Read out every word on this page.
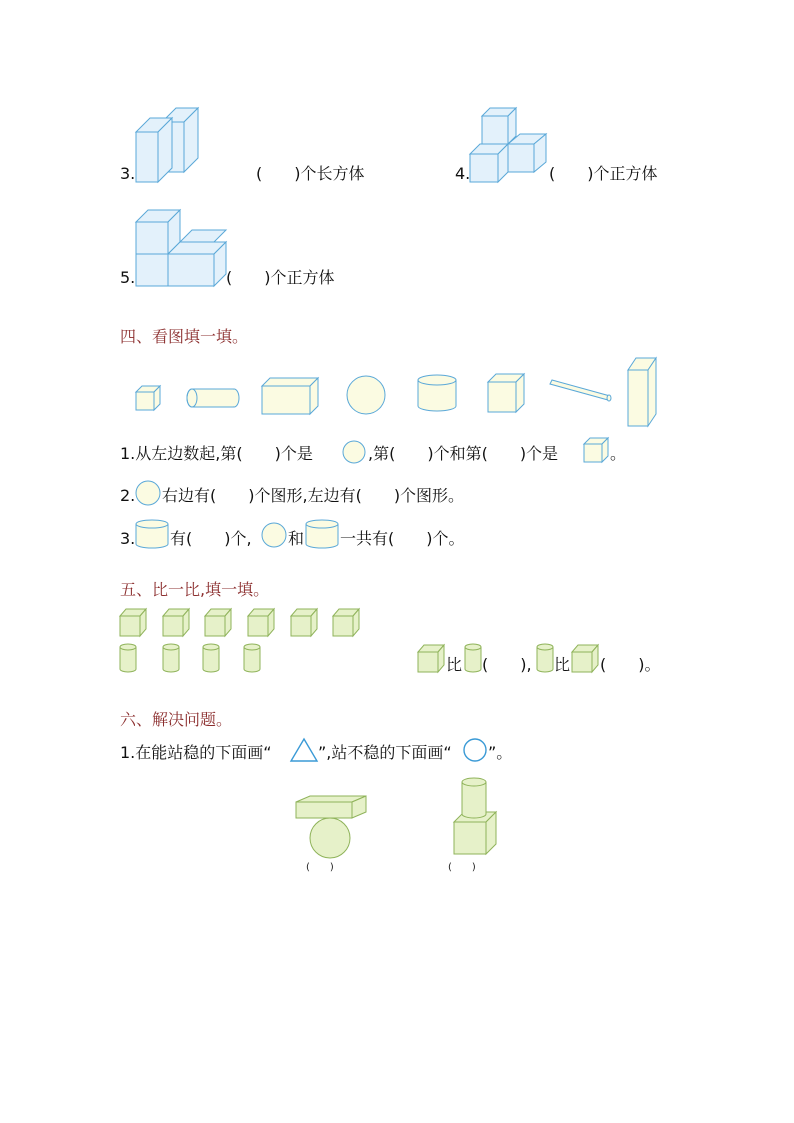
3.	(　　)个长方体	4.	(　　)个正方体
5.	(　　)个正方体
四、看图填一填。
1.从左边数起,第(　　)个是	,第(　　)个和第(　　)个是	。
2. 右边有(　　)个图形,左边有(　　)个图形。
3. 有(　　)个, 和 一共有(　　)个。
五、比一比,填一填。
比 (　　), 比 (　　)。
六、解决问题。
1.在能站稳的下面画“	”,站不稳的下面画“ ”。
(　　)	(　　)
